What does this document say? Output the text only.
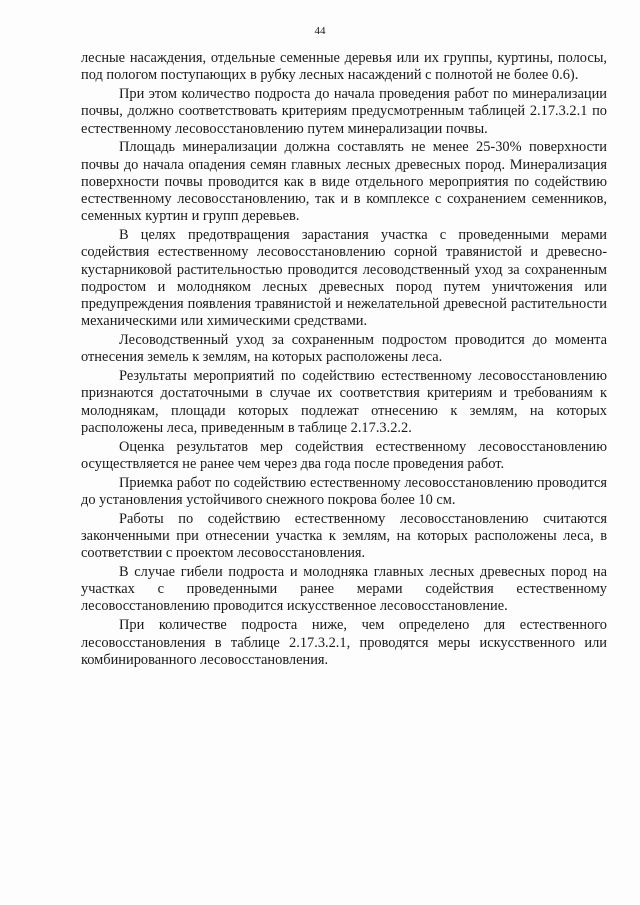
44

лесные насаждения, отдельные семенные деревья или их группы, куртины, полосы, под пологом поступающих в рубку лесных насаждений с полнотой не более 0.6).

При этом количество подроста до начала проведения работ по минерализации почвы, должно соответствовать критериям предусмотренным таблицей 2.17.3.2.1 по естественному лесовосстановлению путем минерализации почвы.

Площадь минерализации должна составлять не менее 25-30% поверхности почвы до начала опадения семян главных лесных древесных пород. Минерализация поверхности почвы проводится как в виде отдельного мероприятия по содействию естественному лесовосстановлению, так и в комплексе с сохранением семенников, семенных куртин и групп деревьев.

В целях предотвращения зарастания участка с проведенными мерами содействия естественному лесовосстановлению сорной травянистой и древесно-кустарниковой растительностью проводится лесоводственный уход за сохраненным подростом и молодняком лесных древесных пород путем уничтожения или предупреждения появления травянистой и нежелательной древесной растительности механическими или химическими средствами.

Лесоводственный уход за сохраненным подростом проводится до момента отнесения земель к землям, на которых расположены леса.

Результаты мероприятий по содействию естественному лесовосстановлению признаются достаточными в случае их соответствия критериям и требованиям к молоднякам, площади которых подлежат отнесению к землям, на которых расположены леса, приведенным в таблице 2.17.3.2.2.

Оценка результатов мер содействия естественному лесовосстановлению осуществляется не ранее чем через два года после проведения работ.

Приемка работ по содействию естественному лесовосстановлению проводится до установления устойчивого снежного покрова более 10 см.

Работы по содействию естественному лесовосстановлению считаются законченными при отнесении участка к землям, на которых расположены леса, в соответствии с проектом лесовосстановления.

В случае гибели подроста и молодняка главных лесных древесных пород на участках с проведенными ранее мерами содействия естественному лесовосстановлению проводится искусственное лесовосстановление.

При количестве подроста ниже, чем определено для естественного лесовосстановления в таблице 2.17.3.2.1, проводятся меры искусственного или комбинированного лесовосстановления.
